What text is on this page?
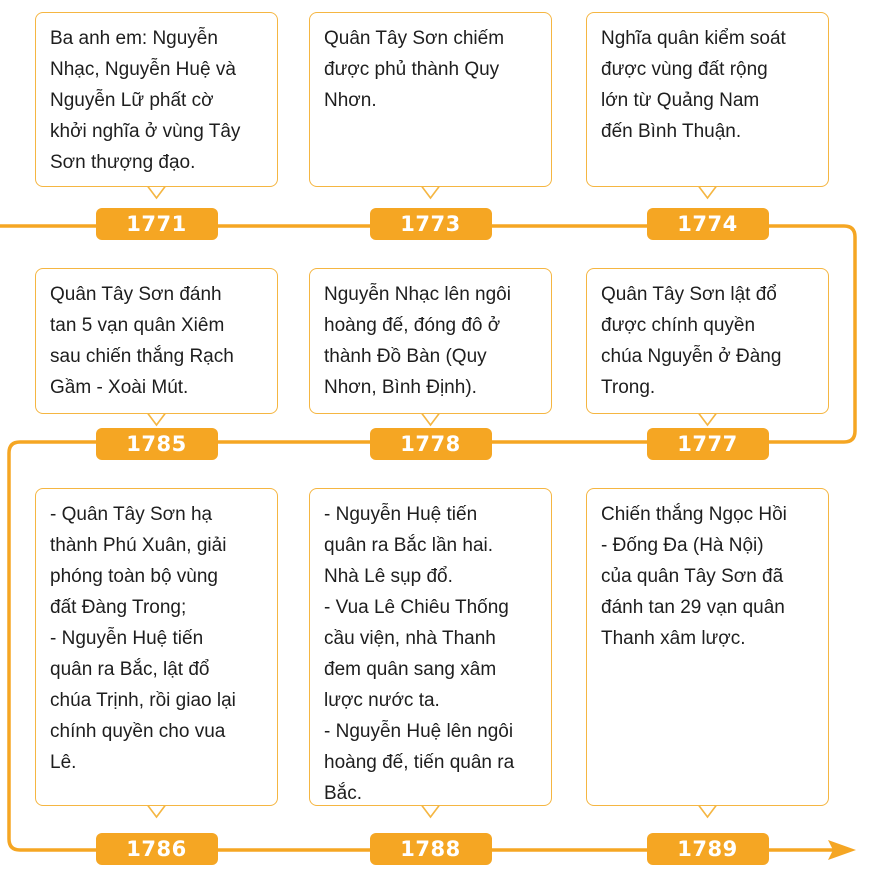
Ba anh em: Nguyễn
Nhạc, Nguyễn Huệ và
Nguyễn Lữ phất cờ
khởi nghĩa ở vùng Tây
Sơn thượng đạo.
1771
Quân Tây Sơn chiếm
được phủ thành Quy
Nhơn.
1773
Nghĩa quân kiểm soát
được vùng đất rộng
lớn từ Quảng Nam
đến Bình Thuận.
1774
Quân Tây Sơn lật đổ
được chính quyền
chúa Nguyễn ở Đàng
Trong.
1777
Nguyễn Nhạc lên ngôi
hoàng đế, đóng đô ở
thành Đồ Bàn (Quy
Nhơn, Bình Định).
1778
Quân Tây Sơn đánh
tan 5 vạn quân Xiêm
sau chiến thắng Rạch
Gầm - Xoài Mút.
1785
- Quân Tây Sơn hạ
thành Phú Xuân, giải
phóng toàn bộ vùng
đất Đàng Trong;
- Nguyễn Huệ tiến
quân ra Bắc, lật đổ
chúa Trịnh, rồi giao lại
chính quyền cho vua
Lê.
1786
- Nguyễn Huệ tiến
quân ra Bắc lần hai.
Nhà Lê sụp đổ.
- Vua Lê Chiêu Thống
cầu viện, nhà Thanh
đem quân sang xâm
lược nước ta.
- Nguyễn Huệ lên ngôi
hoàng đế, tiến quân ra
Bắc.
1788
Chiến thắng Ngọc Hồi
- Đống Đa (Hà Nội)
của quân Tây Sơn đã
đánh tan 29 vạn quân
Thanh xâm lược.
1789
